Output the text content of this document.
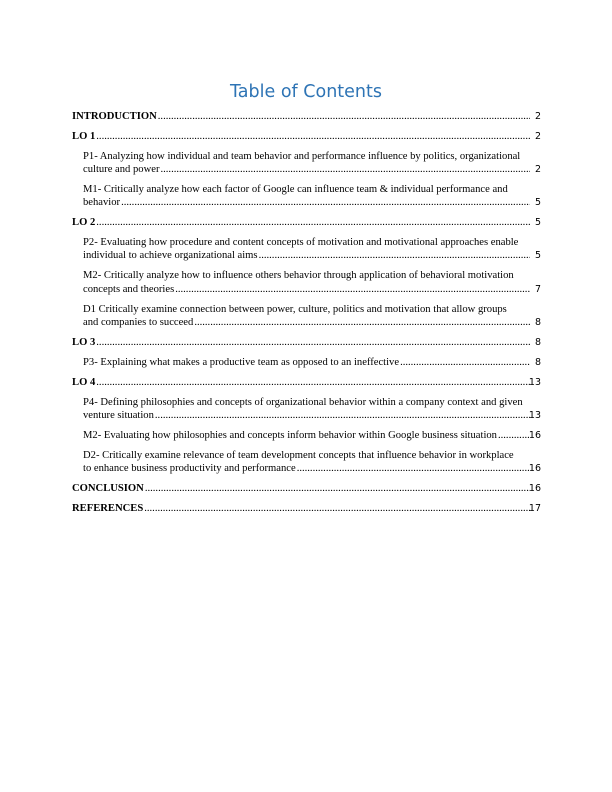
Table of Contents
INTRODUCTION .....	2
LO 1 .....	2
P1- Analyzing how individual and team behavior and performance influence by politics, organizational
culture and power .....	2
M1- Critically analyze how each factor of Google can influence team & individual performance and
behavior .....	5
LO 2 .....	5
P2- Evaluating how procedure and content concepts of motivation and motivational approaches enable
individual to achieve organizational aims .....	5
M2- Critically analyze how to influence others behavior through application of behavioral motivation
concepts and theories .....	7
D1 Critically examine connection between power, culture, politics and motivation that allow groups
and companies to succeed .....	8
LO 3 .....	8
P3- Explaining what makes a productive team as opposed to an ineffective .....	8
LO 4 .....	13
P4- Defining philosophies and concepts of organizational behavior within a company context and given
venture situation .....	13
M2- Evaluating how philosophies and concepts inform behavior within Google business situation .....	16
D2- Critically examine relevance of team development concepts that influence behavior in workplace
to enhance business productivity and performance .....	16
CONCLUSION .....	16
REFERENCES .....	17
